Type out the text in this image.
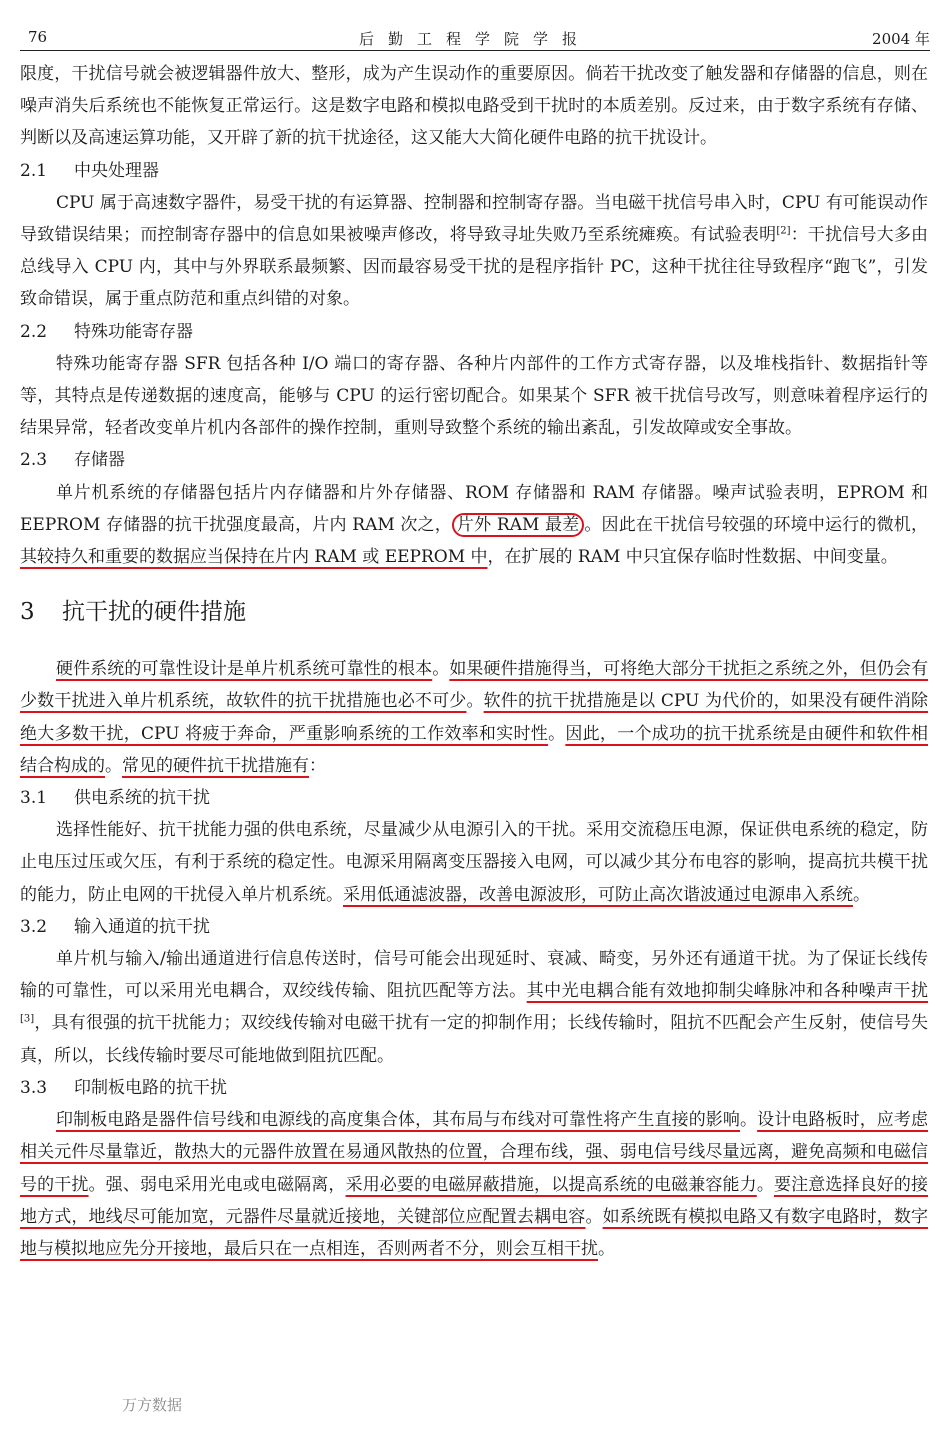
76	后勤工程学院学报	2004 年

限度，干扰信号就会被逻辑器件放大、整形，成为产生误动作的重要原因。倘若干扰改变了触发器和存储器的信息，则在噪声消失后系统也不能恢复正常运行。这是数字电路和模拟电路受到干扰时的本质差别。反过来，由于数字系统有存储、判断以及高速运算功能，又开辟了新的抗干扰途径，这又能大大简化硬件电路的抗干扰设计。

2.1 中央处理器

CPU 属于高速数字器件，易受干扰的有运算器、控制器和控制寄存器。当电磁干扰信号串入时，CPU 有可能误动作导致错误结果；而控制寄存器中的信息如果被噪声修改，将导致寻址失败乃至系统瘫痪。有试验表明[2]：干扰信号大多由总线导入 CPU 内，其中与外界联系最频繁、因而最容易受干扰的是程序指针 PC，这种干扰往往导致程序“跑飞”，引发致命错误，属于重点防范和重点纠错的对象。

2.2 特殊功能寄存器

特殊功能寄存器 SFR 包括各种 I/O 端口的寄存器、各种片内部件的工作方式寄存器，以及堆栈指针、数据指针等等，其特点是传递数据的速度高，能够与 CPU 的运行密切配合。如果某个 SFR 被干扰信号改写，则意味着程序运行的结果异常，轻者改变单片机内各部件的操作控制，重则导致整个系统的输出紊乱，引发故障或安全事故。

2.3 存储器

单片机系统的存储器包括片内存储器和片外存储器、ROM 存储器和 RAM 存储器。噪声试验表明，EPROM 和 EEPROM 存储器的抗干扰强度最高，片内 RAM 次之， 片外 RAM 最差 。因此在干扰信号较强的环境中运行的微机，其较持久和重要的数据应当保持在片内 RAM 或 EEPROM 中，在扩展的 RAM 中只宜保存临时性数据、中间变量。

3 抗干扰的硬件措施

硬件系统的可靠性设计是单片机系统可靠性的根本。如果硬件措施得当，可将绝大部分干扰拒之系统之外，但仍会有少数干扰进入单片机系统，故软件的抗干扰措施也必不可少。软件的抗干扰措施是以 CPU 为代价的，如果没有硬件消除绝大多数干扰，CPU 将疲于奔命，严重影响系统的工作效率和实时性。因此，一个成功的抗干扰系统是由硬件和软件相结合构成的。常见的硬件抗干扰措施有：

3.1 供电系统的抗干扰

选择性能好、抗干扰能力强的供电系统，尽量减少从电源引入的干扰。采用交流稳压电源，保证供电系统的稳定，防止电压过压或欠压，有利于系统的稳定性。电源采用隔离变压器接入电网，可以减少其分布电容的影响，提高抗共模干扰的能力，防止电网的干扰侵入单片机系统。采用低通滤波器，改善电源波形，可防止高次谐波通过电源串入系统。

3.2 输入通道的抗干扰

单片机与输入/输出通道进行信息传送时，信号可能会出现延时、衰减、畸变，另外还有通道干扰。为了保证长线传输的可靠性，可以采用光电耦合，双绞线传输、阻抗匹配等方法。其中光电耦合能有效地抑制尖峰脉冲和各种噪声干扰[3]，具有很强的抗干扰能力；双绞线传输对电磁干扰有一定的抑制作用；长线传输时，阻抗不匹配会产生反射，使信号失真，所以，长线传输时要尽可能地做到阻抗匹配。

3.3 印制板电路的抗干扰

印制板电路是器件信号线和电源线的高度集合体，其布局与布线对可靠性将产生直接的影响。设计电路板时，应考虑相关元件尽量靠近，散热大的元器件放置在易通风散热的位置，合理布线，强、弱电信号线尽量远离，避免高频和电磁信号的干扰。强、弱电采用光电或电磁隔离，采用必要的电磁屏蔽措施，以提高系统的电磁兼容能力。要注意选择良好的接地方式，地线尽可能加宽，元器件尽量就近接地，关键部位应配置去耦电容。如系统既有模拟电路又有数字电路时，数字地与模拟地应先分开接地，最后只在一点相连，否则两者不分，则会互相干扰。

万方数据
